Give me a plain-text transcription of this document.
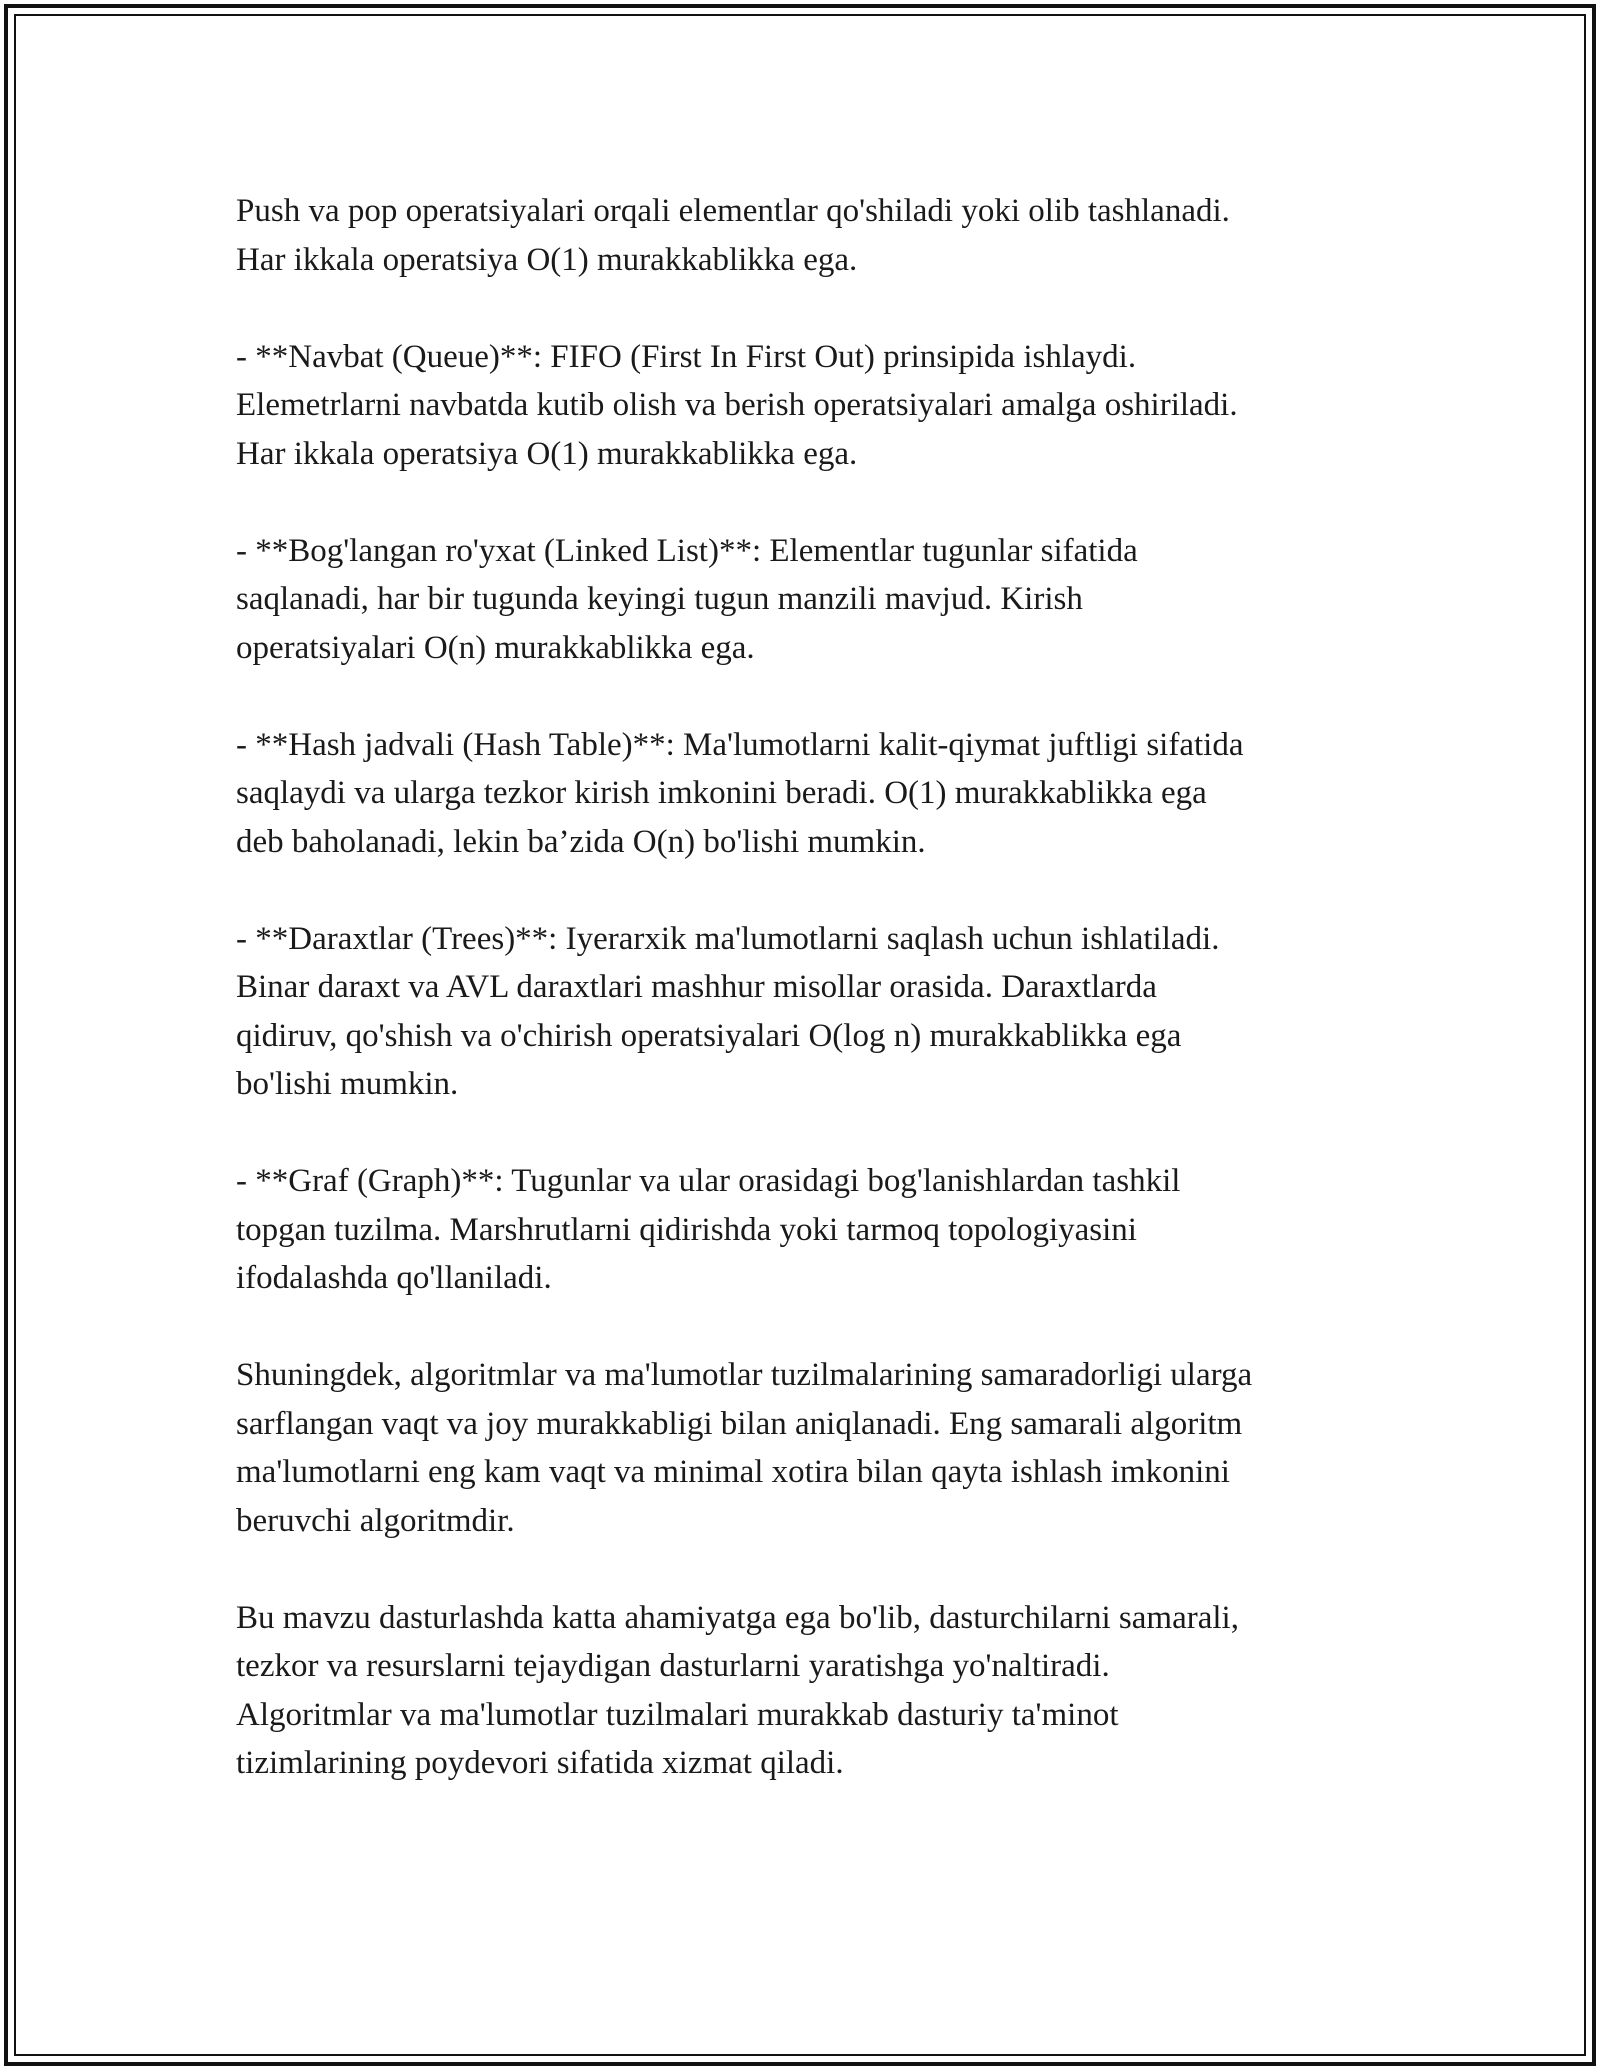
Push va pop operatsiyalari orqali elementlar qo'shiladi yoki olib tashlanadi.
Har ikkala operatsiya O(1) murakkablikka ega.

- **Navbat (Queue)**: FIFO (First In First Out) prinsipida ishlaydi.
Elemetrlarni navbatda kutib olish va berish operatsiyalari amalga oshiriladi.
Har ikkala operatsiya O(1) murakkablikka ega.

- **Bog'langan ro'yxat (Linked List)**: Elementlar tugunlar sifatida
saqlanadi, har bir tugunda keyingi tugun manzili mavjud. Kirish
operatsiyalari O(n) murakkablikka ega.

- **Hash jadvali (Hash Table)**: Ma'lumotlarni kalit-qiymat juftligi sifatida
saqlaydi va ularga tezkor kirish imkonini beradi. O(1) murakkablikka ega
deb baholanadi, lekin ba’zida O(n) bo'lishi mumkin.

- **Daraxtlar (Trees)**: Iyerarxik ma'lumotlarni saqlash uchun ishlatiladi.
Binar daraxt va AVL daraxtlari mashhur misollar orasida. Daraxtlarda
qidiruv, qo'shish va o'chirish operatsiyalari O(log n) murakkablikka ega
bo'lishi mumkin.

- **Graf (Graph)**: Tugunlar va ular orasidagi bog'lanishlardan tashkil
topgan tuzilma. Marshrutlarni qidirishda yoki tarmoq topologiyasini
ifodalashda qo'llaniladi.

Shuningdek, algoritmlar va ma'lumotlar tuzilmalarining samaradorligi ularga
sarflangan vaqt va joy murakkabligi bilan aniqlanadi. Eng samarali algoritm
ma'lumotlarni eng kam vaqt va minimal xotira bilan qayta ishlash imkonini
beruvchi algoritmdir.

Bu mavzu dasturlashda katta ahamiyatga ega bo'lib, dasturchilarni samarali,
tezkor va resurslarni tejaydigan dasturlarni yaratishga yo'naltiradi.
Algoritmlar va ma'lumotlar tuzilmalari murakkab dasturiy ta'minot
tizimlarining poydevori sifatida xizmat qiladi.
